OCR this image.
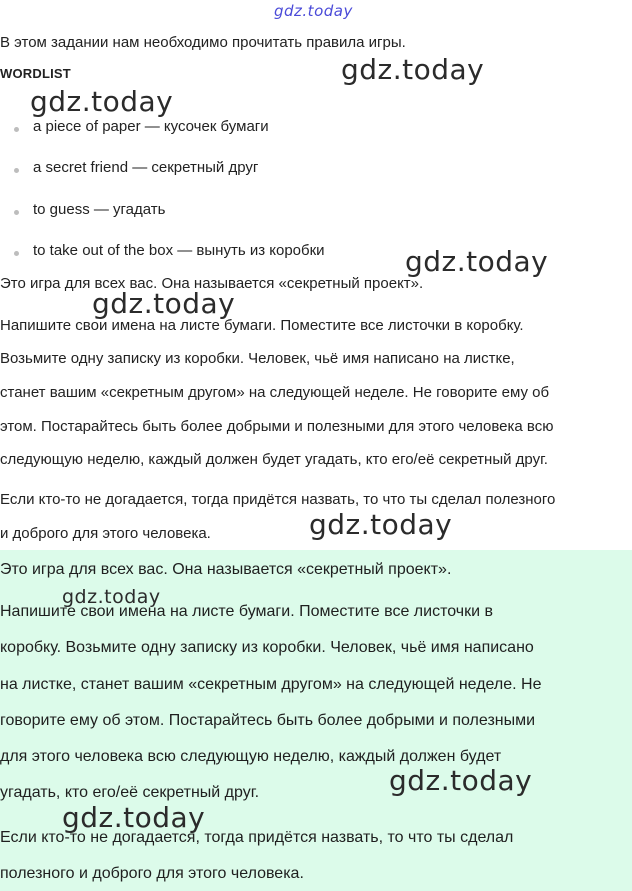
gdz.today
В этом задании нам необходимо прочитать правила игры.
WORDLIST
a piece of paper — кусочек бумаги
a secret friend — секретный друг
to guess — угадать
to take out of the box — вынуть из коробки
Это игра для всех вас. Она называется «секретный проект».
Напишите свои имена на листе бумаги. Поместите все листочки в коробку.
Возьмите одну записку из коробки. Человек, чьё имя написано на листке,
станет вашим «секретным другом» на следующей неделе. Не говорите ему об
этом. Постарайтесь быть более добрыми и полезными для этого человека всю
следующую неделю, каждый должен будет угадать, кто его/её секретный друг.
Если кто-то не догадается, тогда придётся назвать, то что ты сделал полезного
и доброго для этого человека.
Это игра для всех вас. Она называется «секретный проект».
Напишите свои имена на листе бумаги. Поместите все листочки в
коробку. Возьмите одну записку из коробки. Человек, чьё имя написано
на листке, станет вашим «секретным другом» на следующей неделе. Не
говорите ему об этом. Постарайтесь быть более добрыми и полезными
для этого человека всю следующую неделю, каждый должен будет
угадать, кто его/её секретный друг.
Если кто-то не догадается, тогда придётся назвать, то что ты сделал
полезного и доброго для этого человека.
gdz.today
gdz.today
gdz.today
gdz.today
gdz.today
gdz.today
gdz.today
gdz.today
